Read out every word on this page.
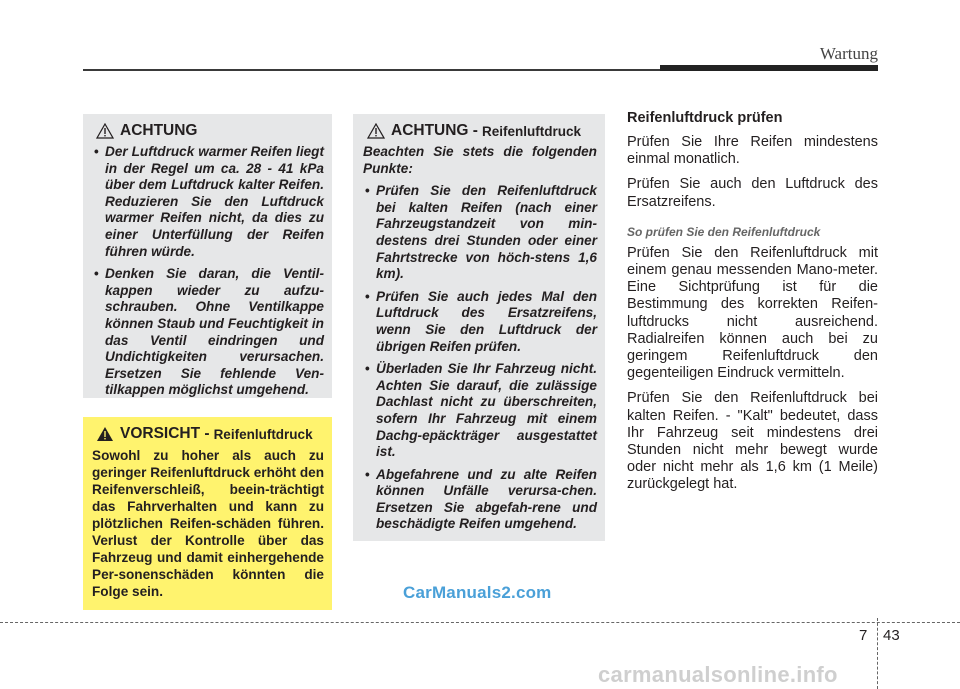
Wartung
ACHTUNG
• Der Luftdruck warmer Reifen liegt in der Regel um ca. 28 - 41 kPa über dem Luftdruck kalter Reifen. Reduzieren Sie den Luftdruck warmer Reifen nicht, da dies zu einer Unterfüllung der Reifen führen würde.
• Denken Sie daran, die Ventil-kappen wieder zu aufzu-schrauben. Ohne Ventilkappe können Staub und Feuchtigkeit in das Ventil eindringen und Undichtigkeiten verursachen. Ersetzen Sie fehlende Ven-tilkappen möglichst umgehend.
VORSICHT - Reifenluftdruck

Sowohl zu hoher als auch zu geringer Reifenluftdruck erhöht den Reifenverschleiß, beein-trächtigt das Fahrverhalten und kann zu plötzlichen Reifen-schäden führen. Verlust der Kontrolle über das Fahrzeug und damit einhergehende Per-sonenschäden könnten die Folge sein.

ACHTUNG - Reifenluftdruck

Beachten Sie stets die folgenden Punkte:

• Prüfen Sie den Reifenluftdruck bei kalten Reifen (nach einer Fahrzeugstandzeit von min-destens drei Stunden oder einer Fahrtstrecke von höch-stens 1,6 km).
• Prüfen Sie auch jedes Mal den Luftdruck des Ersatzreifens, wenn Sie den Luftdruck der übrigen Reifen prüfen.
• Überladen Sie Ihr Fahrzeug nicht. Achten Sie darauf, die zulässige Dachlast nicht zu überschreiten, sofern Ihr Fahrzeug mit einem Dachg-epäckträger ausgestattet ist.
• Abgefahrene und zu alte Reifen können Unfälle verursa-chen. Ersetzen Sie abgefah-rene und beschädigte Reifen umgehend.

Reifenluftdruck prüfen

Prüfen Sie Ihre Reifen mindestens einmal monatlich.

Prüfen Sie auch den Luftdruck des Ersatzreifens.

So prüfen Sie den Reifenluftdruck

Prüfen Sie den Reifenluftdruck mit einem genau messenden Mano-meter. Eine Sichtprüfung ist für die Bestimmung des korrekten Reifen-luftdrucks nicht ausreichend. Radialreifen können auch bei zu geringem Reifenluftdruck den gegenteiligen Eindruck vermitteln.

Prüfen Sie den Reifenluftdruck bei kalten Reifen. - "Kalt" bedeutet, dass Ihr Fahrzeug seit mindestens drei Stunden nicht mehr bewegt wurde oder nicht mehr als 1,6 km (1 Meile) zurückgelegt hat.

CarManuals2.com
7 43
carmanualsonline.info
